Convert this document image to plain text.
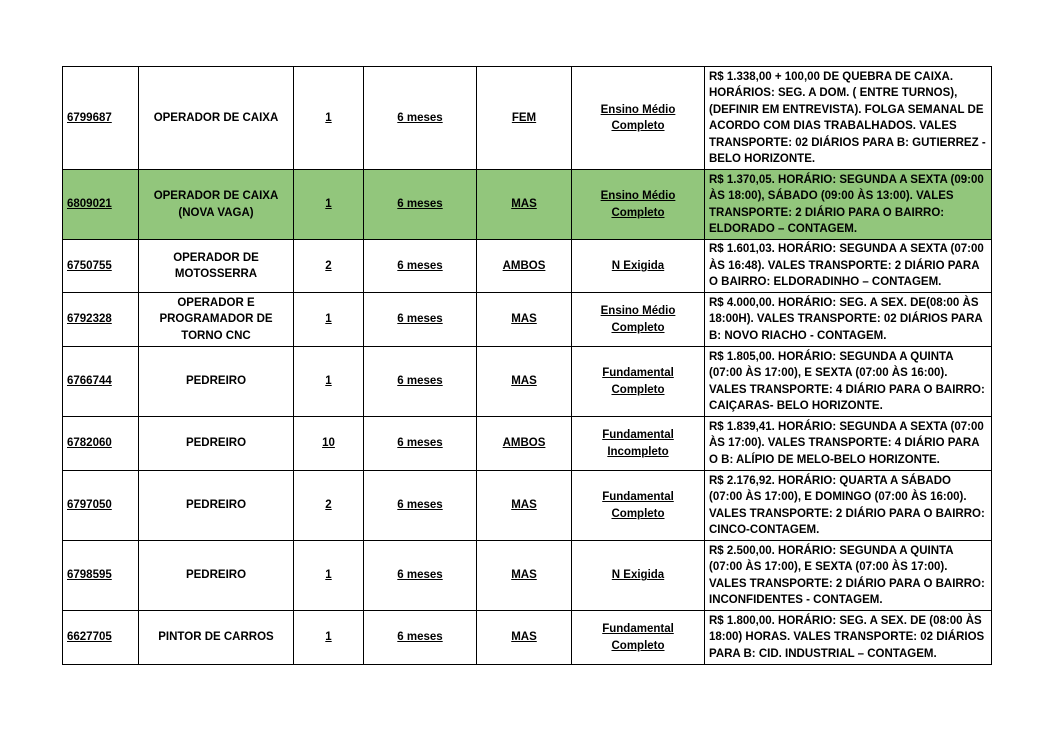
6799687	OPERADOR DE CAIXA	1	6 meses	FEM	Ensino Médio Completo	R$ 1.338,00 + 100,00 DE QUEBRA DE CAIXA. HORÁRIOS: SEG. A DOM. ( ENTRE TURNOS), (DEFINIR EM ENTREVISTA). FOLGA SEMANAL DE ACORDO COM DIAS TRABALHADOS. VALES TRANSPORTE: 02 DIÁRIOS PARA B: GUTIERREZ - BELO HORIZONTE.
6809021	OPERADOR DE CAIXA (NOVA VAGA)	1	6 meses	MAS	Ensino Médio Completo	R$ 1.370,05. HORÁRIO: SEGUNDA A SEXTA (09:00 ÀS 18:00), SÁBADO (09:00 ÀS 13:00). VALES TRANSPORTE: 2 DIÁRIO PARA O BAIRRO: ELDORADO – CONTAGEM.
6750755	OPERADOR DE MOTOSSERRA	2	6 meses	AMBOS	N Exigida	R$ 1.601,03. HORÁRIO: SEGUNDA A SEXTA (07:00 ÀS 16:48). VALES TRANSPORTE: 2 DIÁRIO PARA O BAIRRO: ELDORADINHO – CONTAGEM.
6792328	OPERADOR E PROGRAMADOR DE TORNO CNC	1	6 meses	MAS	Ensino Médio Completo	R$ 4.000,00. HORÁRIO: SEG. A SEX. DE(08:00 ÀS 18:00H). VALES TRANSPORTE: 02 DIÁRIOS PARA B: NOVO RIACHO - CONTAGEM.
6766744	PEDREIRO	1	6 meses	MAS	Fundamental Completo	R$ 1.805,00. HORÁRIO: SEGUNDA A QUINTA (07:00 ÀS 17:00), E SEXTA (07:00 ÀS 16:00). VALES TRANSPORTE: 4 DIÁRIO PARA O BAIRRO: CAIÇARAS- BELO HORIZONTE.
6782060	PEDREIRO	10	6 meses	AMBOS	Fundamental Incompleto	R$ 1.839,41. HORÁRIO: SEGUNDA A SEXTA (07:00 ÀS 17:00). VALES TRANSPORTE: 4 DIÁRIO PARA O B: ALÍPIO DE MELO-BELO HORIZONTE.
6797050	PEDREIRO	2	6 meses	MAS	Fundamental Completo	R$ 2.176,92. HORÁRIO: QUARTA A SÁBADO (07:00 ÀS 17:00), E DOMINGO (07:00 ÀS 16:00). VALES TRANSPORTE: 2 DIÁRIO PARA O BAIRRO: CINCO-CONTAGEM.
6798595	PEDREIRO	1	6 meses	MAS	N Exigida	R$ 2.500,00. HORÁRIO: SEGUNDA A QUINTA (07:00 ÀS 17:00), E SEXTA (07:00 ÀS 17:00). VALES TRANSPORTE: 2 DIÁRIO PARA O BAIRRO: INCONFIDENTES - CONTAGEM.
6627705	PINTOR DE CARROS	1	6 meses	MAS	Fundamental Completo	R$ 1.800,00. HORÁRIO: SEG. A SEX. DE (08:00 ÀS 18:00) HORAS. VALES TRANSPORTE: 02 DIÁRIOS PARA B: CID. INDUSTRIAL – CONTAGEM.
